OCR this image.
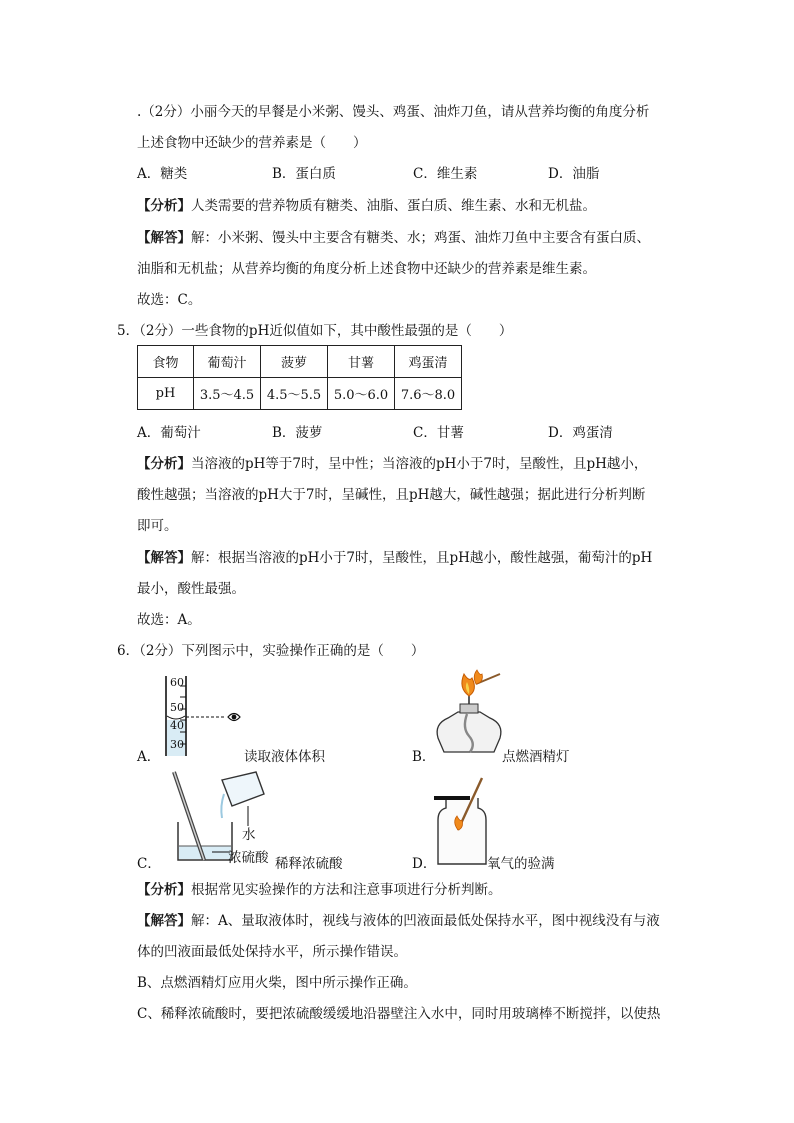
.（2分）小丽今天的早餐是小米粥、馒头、鸡蛋、油炸刀鱼，请从营养均衡的角度分析
上述食物中还缺少的营养素是（　　）
A．糖类	B．蛋白质	C．维生素	D．油脂
【分析】人类需要的营养物质有糖类、油脂、蛋白质、维生素、水和无机盐。
【解答】解：小米粥、馒头中主要含有糖类、水；鸡蛋、油炸刀鱼中主要含有蛋白质、
油脂和无机盐；从营养均衡的角度分析上述食物中还缺少的营养素是维生素。
故选：C。
5．（2分）一些食物的pH近似值如下，其中酸性最强的是（　　）
食物	葡萄汁	菠萝	甘薯	鸡蛋清
pH	3.5～4.5	4.5～5.5	5.0～6.0	7.6～8.0
A．葡萄汁	B．菠萝	C．甘薯	D．鸡蛋清
【分析】当溶液的pH等于7时，呈中性；当溶液的pH小于7时，呈酸性，且pH越小，
酸性越强；当溶液的pH大于7时，呈碱性，且pH越大，碱性越强；据此进行分析判断
即可。
【解答】解：根据当溶液的pH小于7时，呈酸性，且pH越小，酸性越强，葡萄汁的pH
最小，酸性最强。
故选：A。
6．（2分）下列图示中，实验操作正确的是（　　）
A．
60
50
40
30
读取液体体积	B．	点燃酒精灯
C．
水
浓硫酸 稀释浓硫酸	D．	氧气的验满
【分析】根据常见实验操作的方法和注意事项进行分析判断。
【解答】解：A、量取液体时，视线与液体的凹液面最低处保持水平，图中视线没有与液
体的凹液面最低处保持水平，所示操作错误。
B、点燃酒精灯应用火柴，图中所示操作正确。
C、稀释浓硫酸时，要把浓硫酸缓缓地沿器壁注入水中，同时用玻璃棒不断搅拌，以使热
